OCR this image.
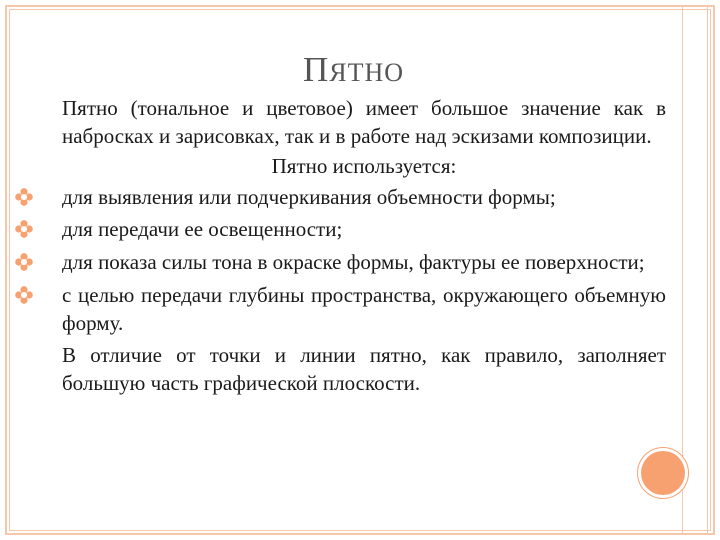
ПЯТНО

Пятно (тональное и цветовое) имеет большое значение как в набросках и зарисовках, так и в работе над эскизами композиции.

Пятно используется:

для выявления или подчеркивания объемности формы;
для передачи ее освещенности;
для показа силы тона в окраске формы, фактуры ее поверхности;
с целью передачи глубины пространства, окружающего объемную форму.

В отличие от точки и линии пятно, как правило, заполняет большую часть графической плоскости.
